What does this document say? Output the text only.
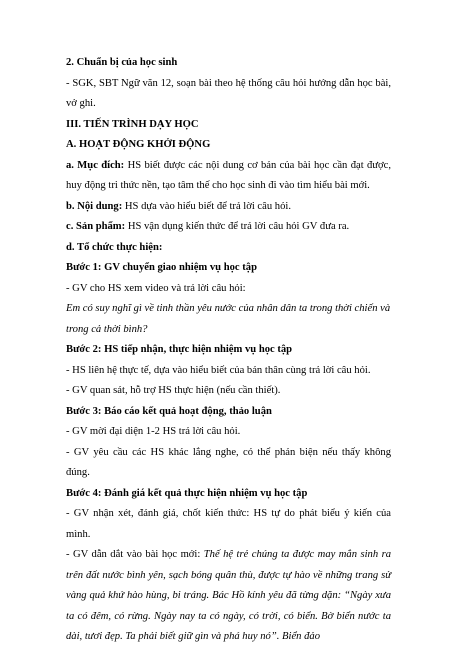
2. Chuẩn bị của học sinh

- SGK, SBT Ngữ văn 12, soạn bài theo hệ thống câu hỏi hướng dẫn học bài, vở ghi.

III. TIẾN TRÌNH DẠY HỌC

A. HOẠT ĐỘNG KHỞI ĐỘNG

a. Mục đích: HS biết được các nội dung cơ bản của bài học cần đạt được, huy động tri thức nền, tạo tâm thế cho học sinh đi vào tìm hiểu bài mới.

b. Nội dung: HS dựa vào hiểu biết để trả lời câu hỏi.

c. Sản phẩm: HS vận dụng kiến thức để trả lời câu hỏi GV đưa ra.

d. Tổ chức thực hiện:

Bước 1: GV chuyển giao nhiệm vụ học tập

- GV cho HS xem video và trả lời câu hỏi:

Em có suy nghĩ gì về tinh thần yêu nước của nhân dân ta trong thời chiến và trong cả thời bình?

Bước 2: HS tiếp nhận, thực hiện nhiệm vụ học tập

- HS liên hệ thực tế, dựa vào hiểu biết của bản thân cùng trả lời câu hỏi.

- GV quan sát, hỗ trợ HS thực hiện (nếu cần thiết).

Bước 3: Báo cáo kết quả hoạt động, thảo luận

- GV mời đại diện 1-2 HS trả lời câu hỏi.

- GV yêu cầu các HS khác lắng nghe, có thể phản biện nếu thấy không đúng.

Bước 4: Đánh giá kết quả thực hiện nhiệm vụ học tập

- GV nhận xét, đánh giá, chốt kiến thức: HS tự do phát biểu ý kiến của mình.

- GV dẫn dắt vào bài học mới: Thế hệ trẻ chúng ta được may mắn sinh ra trên đất nước bình yên, sạch bóng quân thù, được tự hào về những trang sử vàng quả khứ hào hùng, bi tráng. Bác Hồ kính yêu đã từng dặn: “Ngày xưa ta có đêm, có rừng. Ngày nay ta có ngày, có trời, có biển. Bờ biển nước ta dài, tươi đẹp. Ta phải biết giữ gìn và phá huy nó”. Biển đảo
